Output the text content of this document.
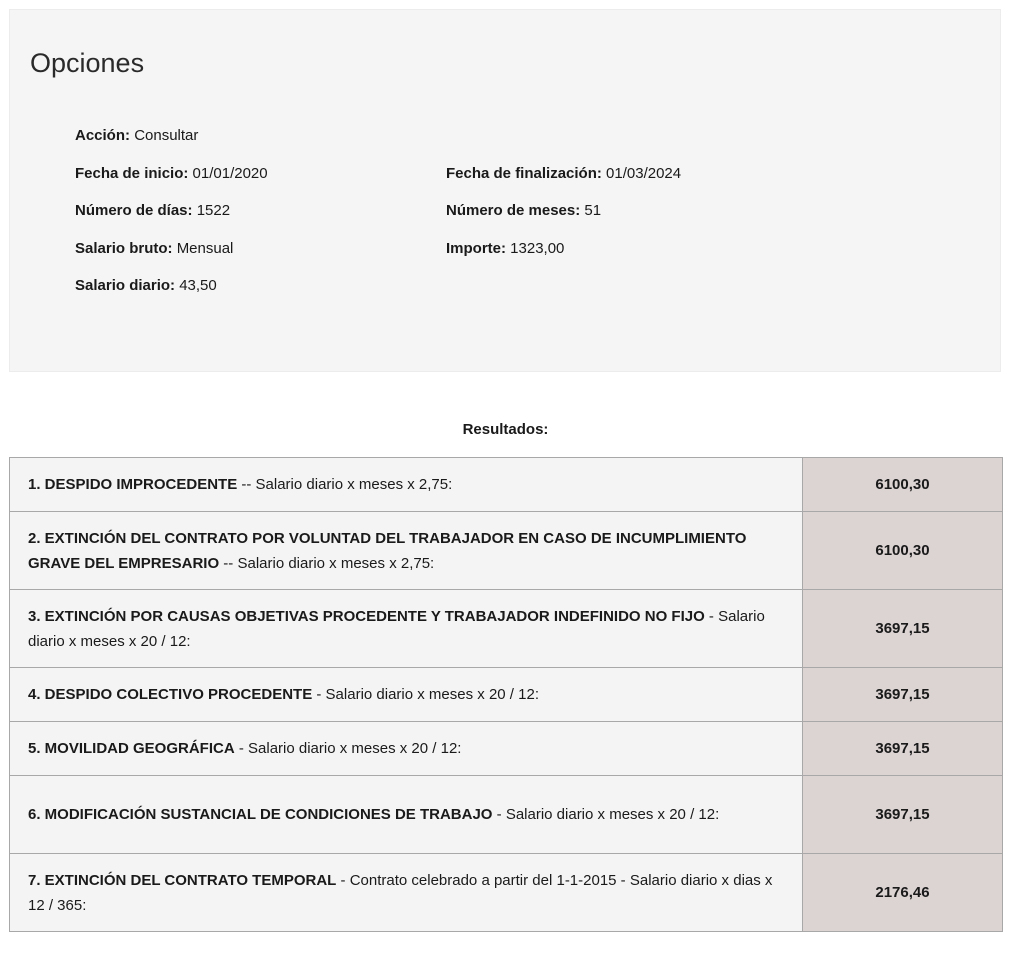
Opciones
Acción: Consultar
Fecha de inicio: 01/01/2020	Fecha de finalización: 01/03/2024
Número de días: 1522	Número de meses: 51
Salario bruto: Mensual	Importe: 1323,00
Salario diario: 43,50
Resultados:
1. DESPIDO IMPROCEDENTE -- Salario diario x meses x 2,75:	6100,30
2. EXTINCIÓN DEL CONTRATO POR VOLUNTAD DEL TRABAJADOR EN CASO DE INCUMPLIMIENTO GRAVE DEL EMPRESARIO -- Salario diario x meses x 2,75:	6100,30
3. EXTINCIÓN POR CAUSAS OBJETIVAS PROCEDENTE Y TRABAJADOR INDEFINIDO NO FIJO - Salario diario x meses x 20 / 12:	3697,15
4. DESPIDO COLECTIVO PROCEDENTE - Salario diario x meses x 20 / 12:	3697,15
5. MOVILIDAD GEOGRÁFICA - Salario diario x meses x 20 / 12:	3697,15
6. MODIFICACIÓN SUSTANCIAL DE CONDICIONES DE TRABAJO - Salario diario x meses x 20 / 12:	3697,15
7. EXTINCIÓN DEL CONTRATO TEMPORAL - Contrato celebrado a partir del 1-1-2015 - Salario diario x dias x 12 / 365:	2176,46
